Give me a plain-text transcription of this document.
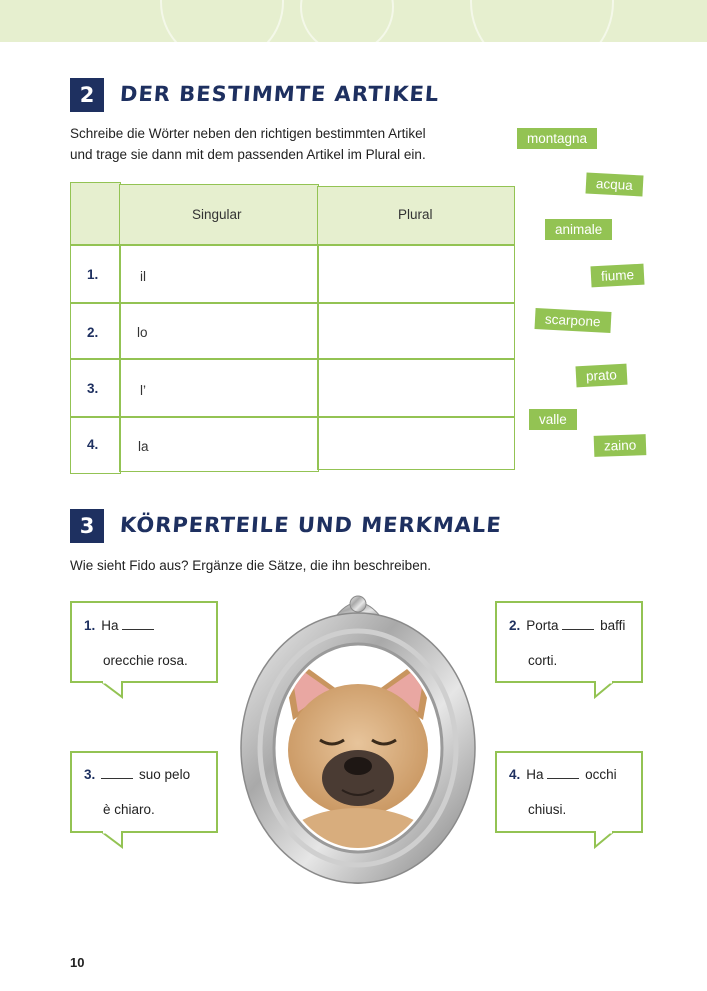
2	DER BESTIMMTE ARTIKEL
Schreibe die Wörter neben den richtigen bestimmten Artikel
und trage sie dann mit dem passenden Artikel im Plural ein.
Singular	Plural
1.	il
2.	lo
3.	l’
4.	la
montagna
acqua
animale
fiume
scarpone
prato
valle
zaino
3	KÖRPERTEILE UND MERKMALE
Wie sieht Fido aus? Ergänze die Sätze, die ihn beschreiben.
1. Ha
orecchie rosa.
2. Porta	baffi
corti.
3.	suo pelo
è chiaro.
4. Ha	occhi
chiusi.
10
